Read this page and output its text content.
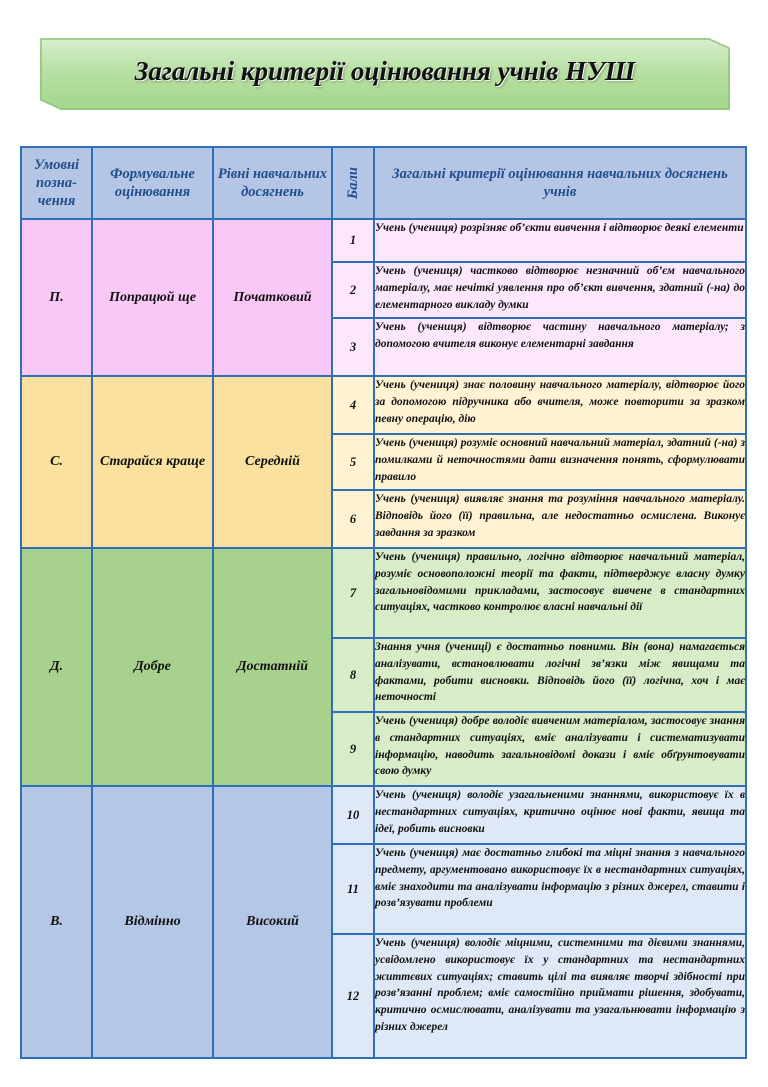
Загальні критерії оцінювання учнів НУШ
Умовні позна-чення	Формувальне оцінювання	Рівні навчальних досягнень	Бали	Загальні критерії оцінювання навчальних досягнень учнів
П.	Попрацюй ще	Початковий	1	Учень (учениця) розрізняє об’єкти вивчення і відтворює деякі елементи
			2	Учень (учениця) частково відтворює незначний об’єм навчального матеріалу, має нечіткі уявлення про об’єкт вивчення, здатний (-на) до елементарного викладу думки
			3	Учень (учениця) відтворює частину навчального матеріалу; з допомогою вчителя виконує елементарні завдання
С.	Старайся краще	Середній	4	Учень (учениця) знає половину навчального матеріалу, відтворює його за допомогою підручника або вчителя, може повторити за зразком певну операцію, дію
			5	Учень (учениця) розуміє основний навчальний матеріал, здатний (-на) з помилками й неточностями дати визначення понять, сформулювати правило
			6	Учень (учениця) виявляє знання та розуміння навчального матеріалу. Відповідь його (її) правильна, але недостатньо осмислена. Виконує завдання за зразком
Д.	Добре	Достатній	7	Учень (учениця) правильно, логічно відтворює навчальний матеріал, розуміє основоположні теорії та факти, підтверджує власну думку загальновідомими прикладами, застосовує вивчене в стандартних ситуаціях, частково контролює власні навчальні дії
			8	Знання учня (учениці) є достатньо повними. Він (вона) намагається аналізувати, встановлювати логічні зв’язки між явищами та фактами, робити висновки. Відповідь його (її) логічна, хоч і має неточності
			9	Учень (учениця) добре володіє вивченим матеріалом, застосовує знання в стандартних ситуаціях, вміє аналізувати і систематизувати інформацію, наводить загальновідомі докази і вміє обґрунтовувати свою думку
В.	Відмінно	Високий	10	Учень (учениця) володіє узагальненими знаннями, використовує їх в нестандартних ситуаціях, критично оцінює нові факти, явища та ідеї, робить висновки
			11	Учень (учениця) має достатньо глибокі та міцні знання з навчального предмету, аргументовано використовує їх в нестандартних ситуаціях, вміє знаходити та аналізувати інформацію з різних джерел, ставити і розв’язувати проблеми
			12	Учень (учениця) володіє міцними, системними та дієвими знаннями, усвідомлено використовує їх у стандартних та нестандартних життєвих ситуаціях; ставить цілі та виявляє творчі здібності при розв’язанні проблем; вміє самостійно приймати рішення, здобувати, критично осмислювати, аналізувати та узагальнювати інформацію з різних джерел
